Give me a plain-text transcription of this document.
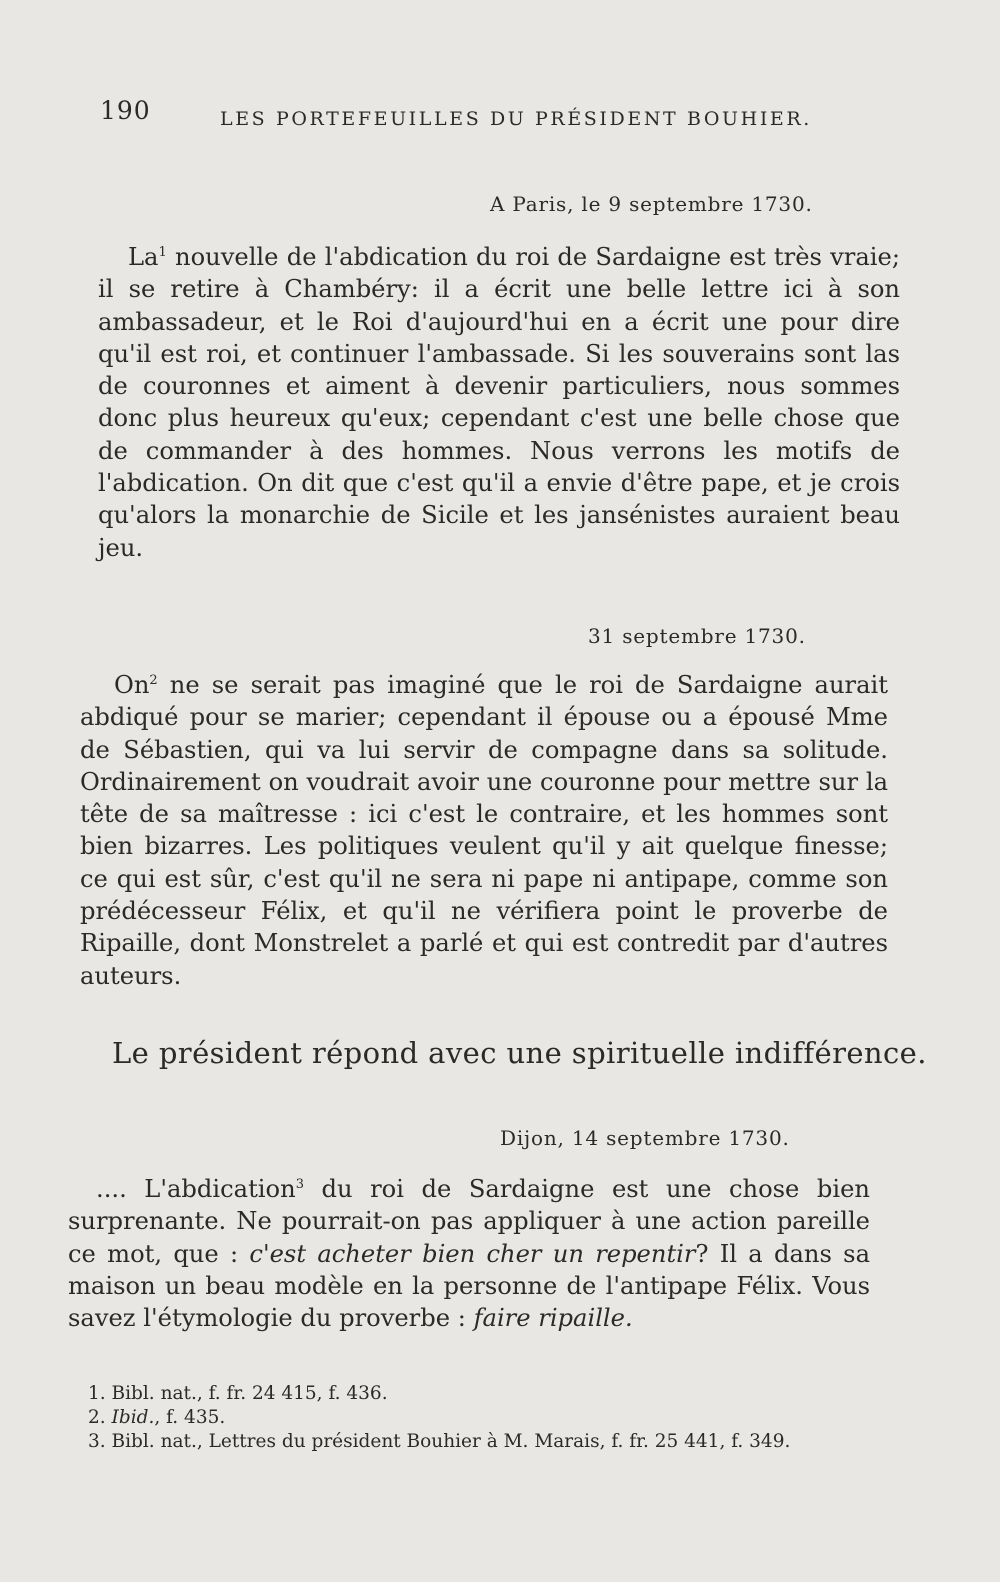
190	LES PORTEFEUILLES DU PRÉSIDENT BOUHIER.
A Paris, le 9 septembre 1730.

La$^1$ nouvelle de l'abdication du roi de Sardaigne est très vraie; il se retire à Chambéry: il a écrit une belle lettre ici à son ambassadeur, et le Roi d'aujourd'hui en a écrit une pour dire qu'il est roi, et continuer l'ambassade. Si les souverains sont las de couronnes et aiment à devenir particuliers, nous sommes donc plus heureux qu'eux; cependant c'est une belle chose que de commander à des hommes. Nous verrons les motifs de l'abdication. On dit que c'est qu'il a envie d'être pape, et je crois qu'alors la monarchie de Sicile et les jansénistes auraient beau jeu.

31 septembre 1730.

On$^2$ ne se serait pas imaginé que le roi de Sardaigne aurait abdiqué pour se marier; cependant il épouse ou a épousé Mme de Sébastien, qui va lui servir de compagne dans sa solitude. Ordinairement on voudrait avoir une couronne pour mettre sur la tête de sa maîtresse : ici c'est le contraire, et les hommes sont bien bizarres. Les politiques veulent qu'il y ait quelque finesse; ce qui est sûr, c'est qu'il ne sera ni pape ni antipape, comme son prédécesseur Félix, et qu'il ne vérifiera point le proverbe de Ripaille, dont Monstrelet a parlé et qui est contredit par d'autres auteurs.

Le président répond avec une spirituelle indifférence.
Dijon, 14 septembre 1730.

.... L'abdication$^3$ du roi de Sardaigne est une chose bien surprenante. Ne pourrait-on pas appliquer à une action pareille ce mot, que : c'est acheter bien cher un repentir? Il a dans sa maison un beau modèle en la personne de l'antipape Félix. Vous savez l'étymologie du proverbe : faire ripaille.

1. Bibl. nat., f. fr. 24 415, f. 436.

2. Ibid., f. 435.

3. Bibl. nat., Lettres du président Bouhier à M. Marais, f. fr. 25 441, f. 349.
